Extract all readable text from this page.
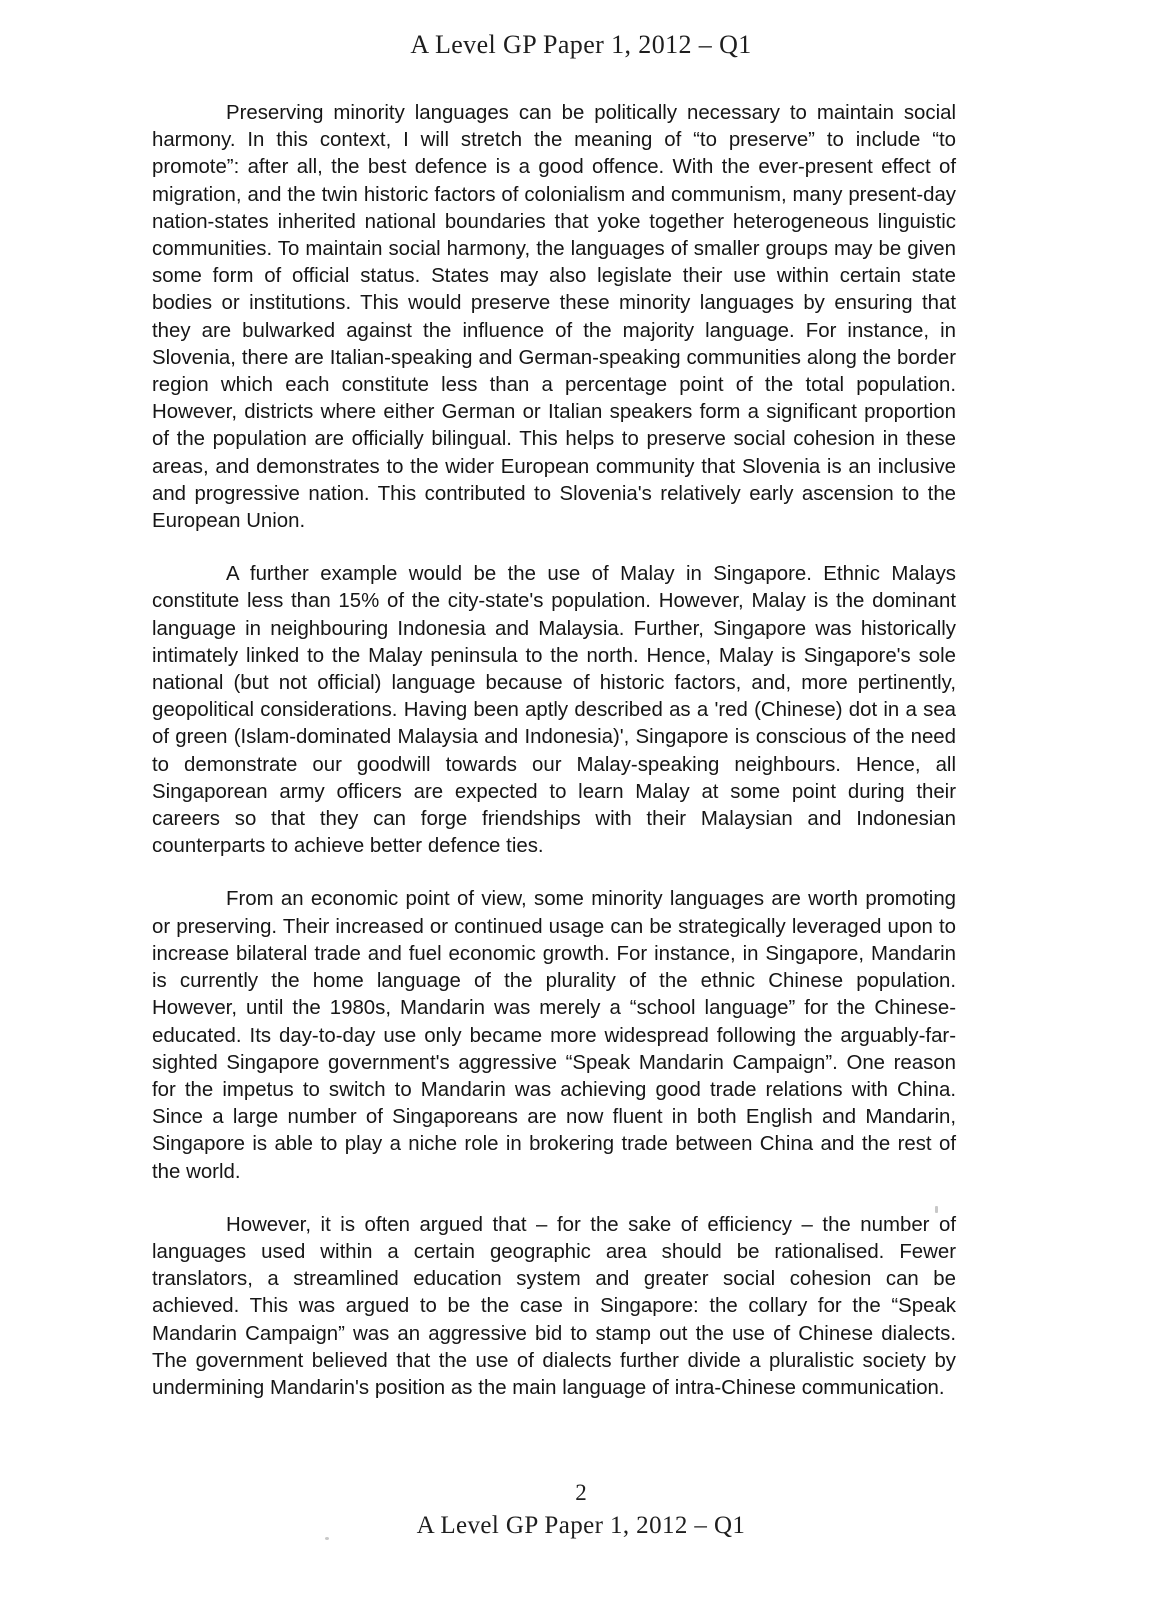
A Level GP Paper 1, 2012 – Q1

Preserving minority languages can be politically necessary to maintain social harmony. In this context, I will stretch the meaning of “to preserve” to include “to promote”: after all, the best defence is a good offence. With the ever-present effect of migration, and the twin historic factors of colonialism and communism, many present-day nation-states inherited national boundaries that yoke together heterogeneous linguistic communities. To maintain social harmony, the languages of smaller groups may be given some form of official status. States may also legislate their use within certain state bodies or institutions. This would preserve these minority languages by ensuring that they are bulwarked against the influence of the majority language. For instance, in Slovenia, there are Italian-speaking and German-speaking communities along the border region which each constitute less than a percentage point of the total population. However, districts where either German or Italian speakers form a significant proportion of the population are officially bilingual. This helps to preserve social cohesion in these areas, and demonstrates to the wider European community that Slovenia is an inclusive and progressive nation. This contributed to Slovenia's relatively early ascension to the European Union.

A further example would be the use of Malay in Singapore. Ethnic Malays constitute less than 15% of the city-state's population. However, Malay is the dominant language in neighbouring Indonesia and Malaysia. Further, Singapore was historically intimately linked to the Malay peninsula to the north. Hence, Malay is Singapore's sole national (but not official) language because of historic factors, and, more pertinently, geopolitical considerations. Having been aptly described as a 'red (Chinese) dot in a sea of green (Islam-dominated Malaysia and Indonesia)', Singapore is conscious of the need to demonstrate our goodwill towards our Malay-speaking neighbours. Hence, all Singaporean army officers are expected to learn Malay at some point during their careers so that they can forge friendships with their Malaysian and Indonesian counterparts to achieve better defence ties.

From an economic point of view, some minority languages are worth promoting or preserving. Their increased or continued usage can be strategically leveraged upon to increase bilateral trade and fuel economic growth. For instance, in Singapore, Mandarin is currently the home language of the plurality of the ethnic Chinese population. However, until the 1980s, Mandarin was merely a “school language” for the Chinese-educated. Its day-to-day use only became more widespread following the arguably-far-sighted Singapore government's aggressive “Speak Mandarin Campaign”. One reason for the impetus to switch to Mandarin was achieving good trade relations with China. Since a large number of Singaporeans are now fluent in both English and Mandarin, Singapore is able to play a niche role in brokering trade between China and the rest of the world.

However, it is often argued that – for the sake of efficiency – the number of languages used within a certain geographic area should be rationalised. Fewer translators, a streamlined education system and greater social cohesion can be achieved. This was argued to be the case in Singapore: the collary for the “Speak Mandarin Campaign” was an aggressive bid to stamp out the use of Chinese dialects. The government believed that the use of dialects further divide a pluralistic society by undermining Mandarin's position as the main language of intra-Chinese communication.

2
A Level GP Paper 1, 2012 – Q1
